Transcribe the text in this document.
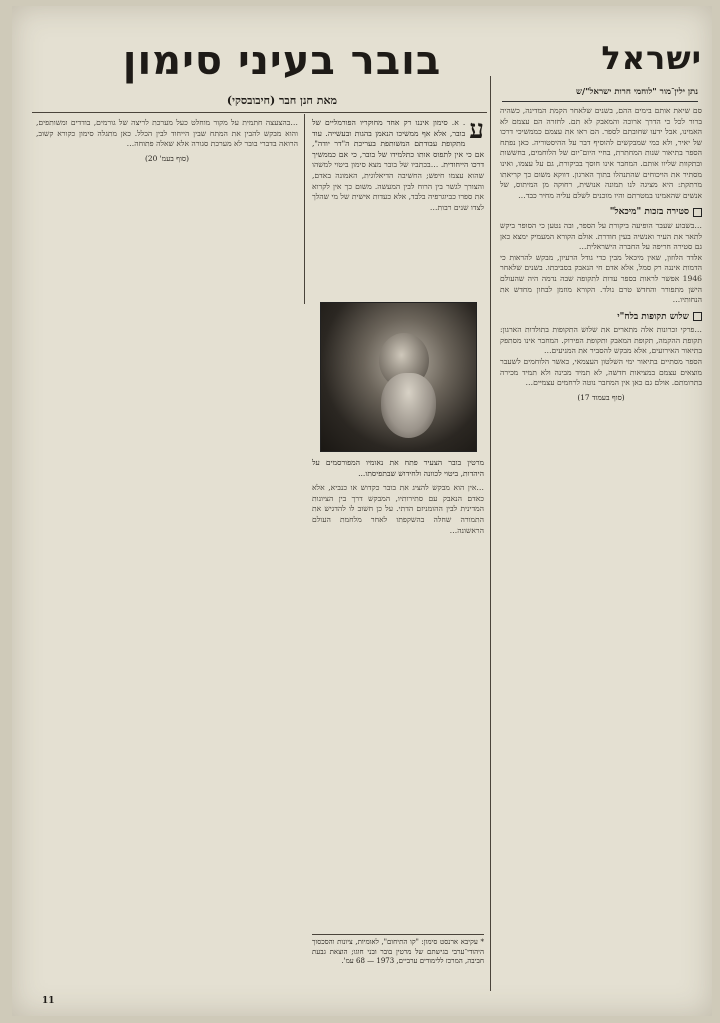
ישראל
נתן ילין־מור "לוחמי חרות ישראל"/ש
בובר בעיני סימון
מאת חנן חבר (חיבובסקי)
סם שיאת אותם בימים ההם, בשנים שלאחר הקמת המדינה, כשהיה ברור לכל כי הדרך ארוכה והמאבק לא תם. לחזרה הם עצמם לא האמינו, אבל ידעו שחובתם לספר. הם ראו את עצמם כממשיכי דרכו של יאיר, ולא כמי שמבקשים להוסיף דבר על ההיסטוריה. כאן נפתח הספר בתיאור שנות המחתרת, בחיי היום־יום של הלוחמים, בחששות ובתקוות שליוו אותם. המחבר אינו חוסך בביקורת, גם על עצמו, ואינו מסתיר את הויכוחים שהתנהלו בתוך הארגון. דווקא משום כך קריאתו מרתקת: היא מציגה לנו תמונה אנושית, רחוקה מן המיתוס, של אנשים שהאמינו במטרתם והיו מוכנים לשלם עליה מחיר כבד…
סטירה בזכות "מיכאל"
…בשבוע שעבר הופיעה ביקורת על הספר, ובה נטען כי הסופר ביקש לתאר את העיר ואנשיה בעין חודרת. אולם הקורא המעמיק ימצא כאן גם סטירה חריפה על החברה הישראלית…
אלדד הלוזון, שאין מיכאל מבין כדי גודל הרעיון, מבקש להראות כי הדמות איננה רק סמל, אלא אדם חי הנאבק בסביבתו. בשנים שלאחר 1946 אפשר לראות בספר עדות לתקופה שבה נדמה היה שהעולם הישן מתפורר והחדש טרם נולד. הקורא מוזמן לבחון מחדש את הנחותיו…
שלוש תקופות בלח"י
…פרקי זכרונות אלה מתארים את שלוש התקופות בתולדות הארגון: תקופת ההקמה, תקופת המאבק ותקופת הפירוק. המחבר אינו מסתפק בתיאור האירועים, אלא מבקש להסביר את המניעים…
הספר מסתיים בתיאור ימי השלטון העצמאי, כאשר הלוחמים לשעבר מוצאים עצמם במציאות חדשה, לא תמיד מבינה ולא תמיד מכירה בתרומתם. אולם גם כאן אין המחבר נוטה לרחמים עצמיים…
(סוף בעמוד 17)
ע
. א. סימון איננו רק אחד מחוקריו הפורמליים של בובר, אלא אף ממשיכו הנאמן בהגות ובעשייה. עוד מתקופת עבודתם המשותפת בעריכת ה"דר יודה", אם כי אין לתפוס אותו כתלמידו של בובר, כי אם כממשיך דרכו הייחודית. …בכתביו של בובר מצא סימון ביטוי למשהו שהוא עצמו חיפש; החשיבה הדיאלוגית, האמונה באדם, והצורך לגשר בין הרוח לבין המעשה. משום כך אין לקרוא את ספרו כביוגרפיה בלבד, אלא כעדות אישית של מי שהלך לצדו שנים רבות…
מרטין בובר הצעיר פתח את נאומיו המפורסמים על היהדות, ביטוי לכוונה ולחידוש שבתפיסתו...
…אין הוא מבקש להציג את בובר כקדוש או כנביא, אלא כאדם הנאבק עם סתירותיו, המבקש דרך בין הציונות המדינית לבין ההומניזם הדתי. על כן חשוב לו להדגיש את התמורה שחלה בהשקפתו לאחר מלחמת העולם הראשונה…
* עקיבא ארנסט סימון: "קו התיחום", לאומיות, ציונות והסכסוך היהודי־ערבי בגישתם של מרטין בובר ובני חוגו; הוצאת גבעת חביבה, המרכז ללימודים ערביים, 1973 — 68 עמ'.
…בהצעצה חתמית על מקור מוחלט כעל מערכת לריצה של גורמים, בודדים ומשותפים, והוא מבקש להבין את המתח שבין הייחוד לבין הכלל. כאן מתגלה סימון כקורא קשוב, הרואה בדברי בובר לא מערכת סגורה אלא שאלה פתוחה…
(סוף בעמ' 20)
11
